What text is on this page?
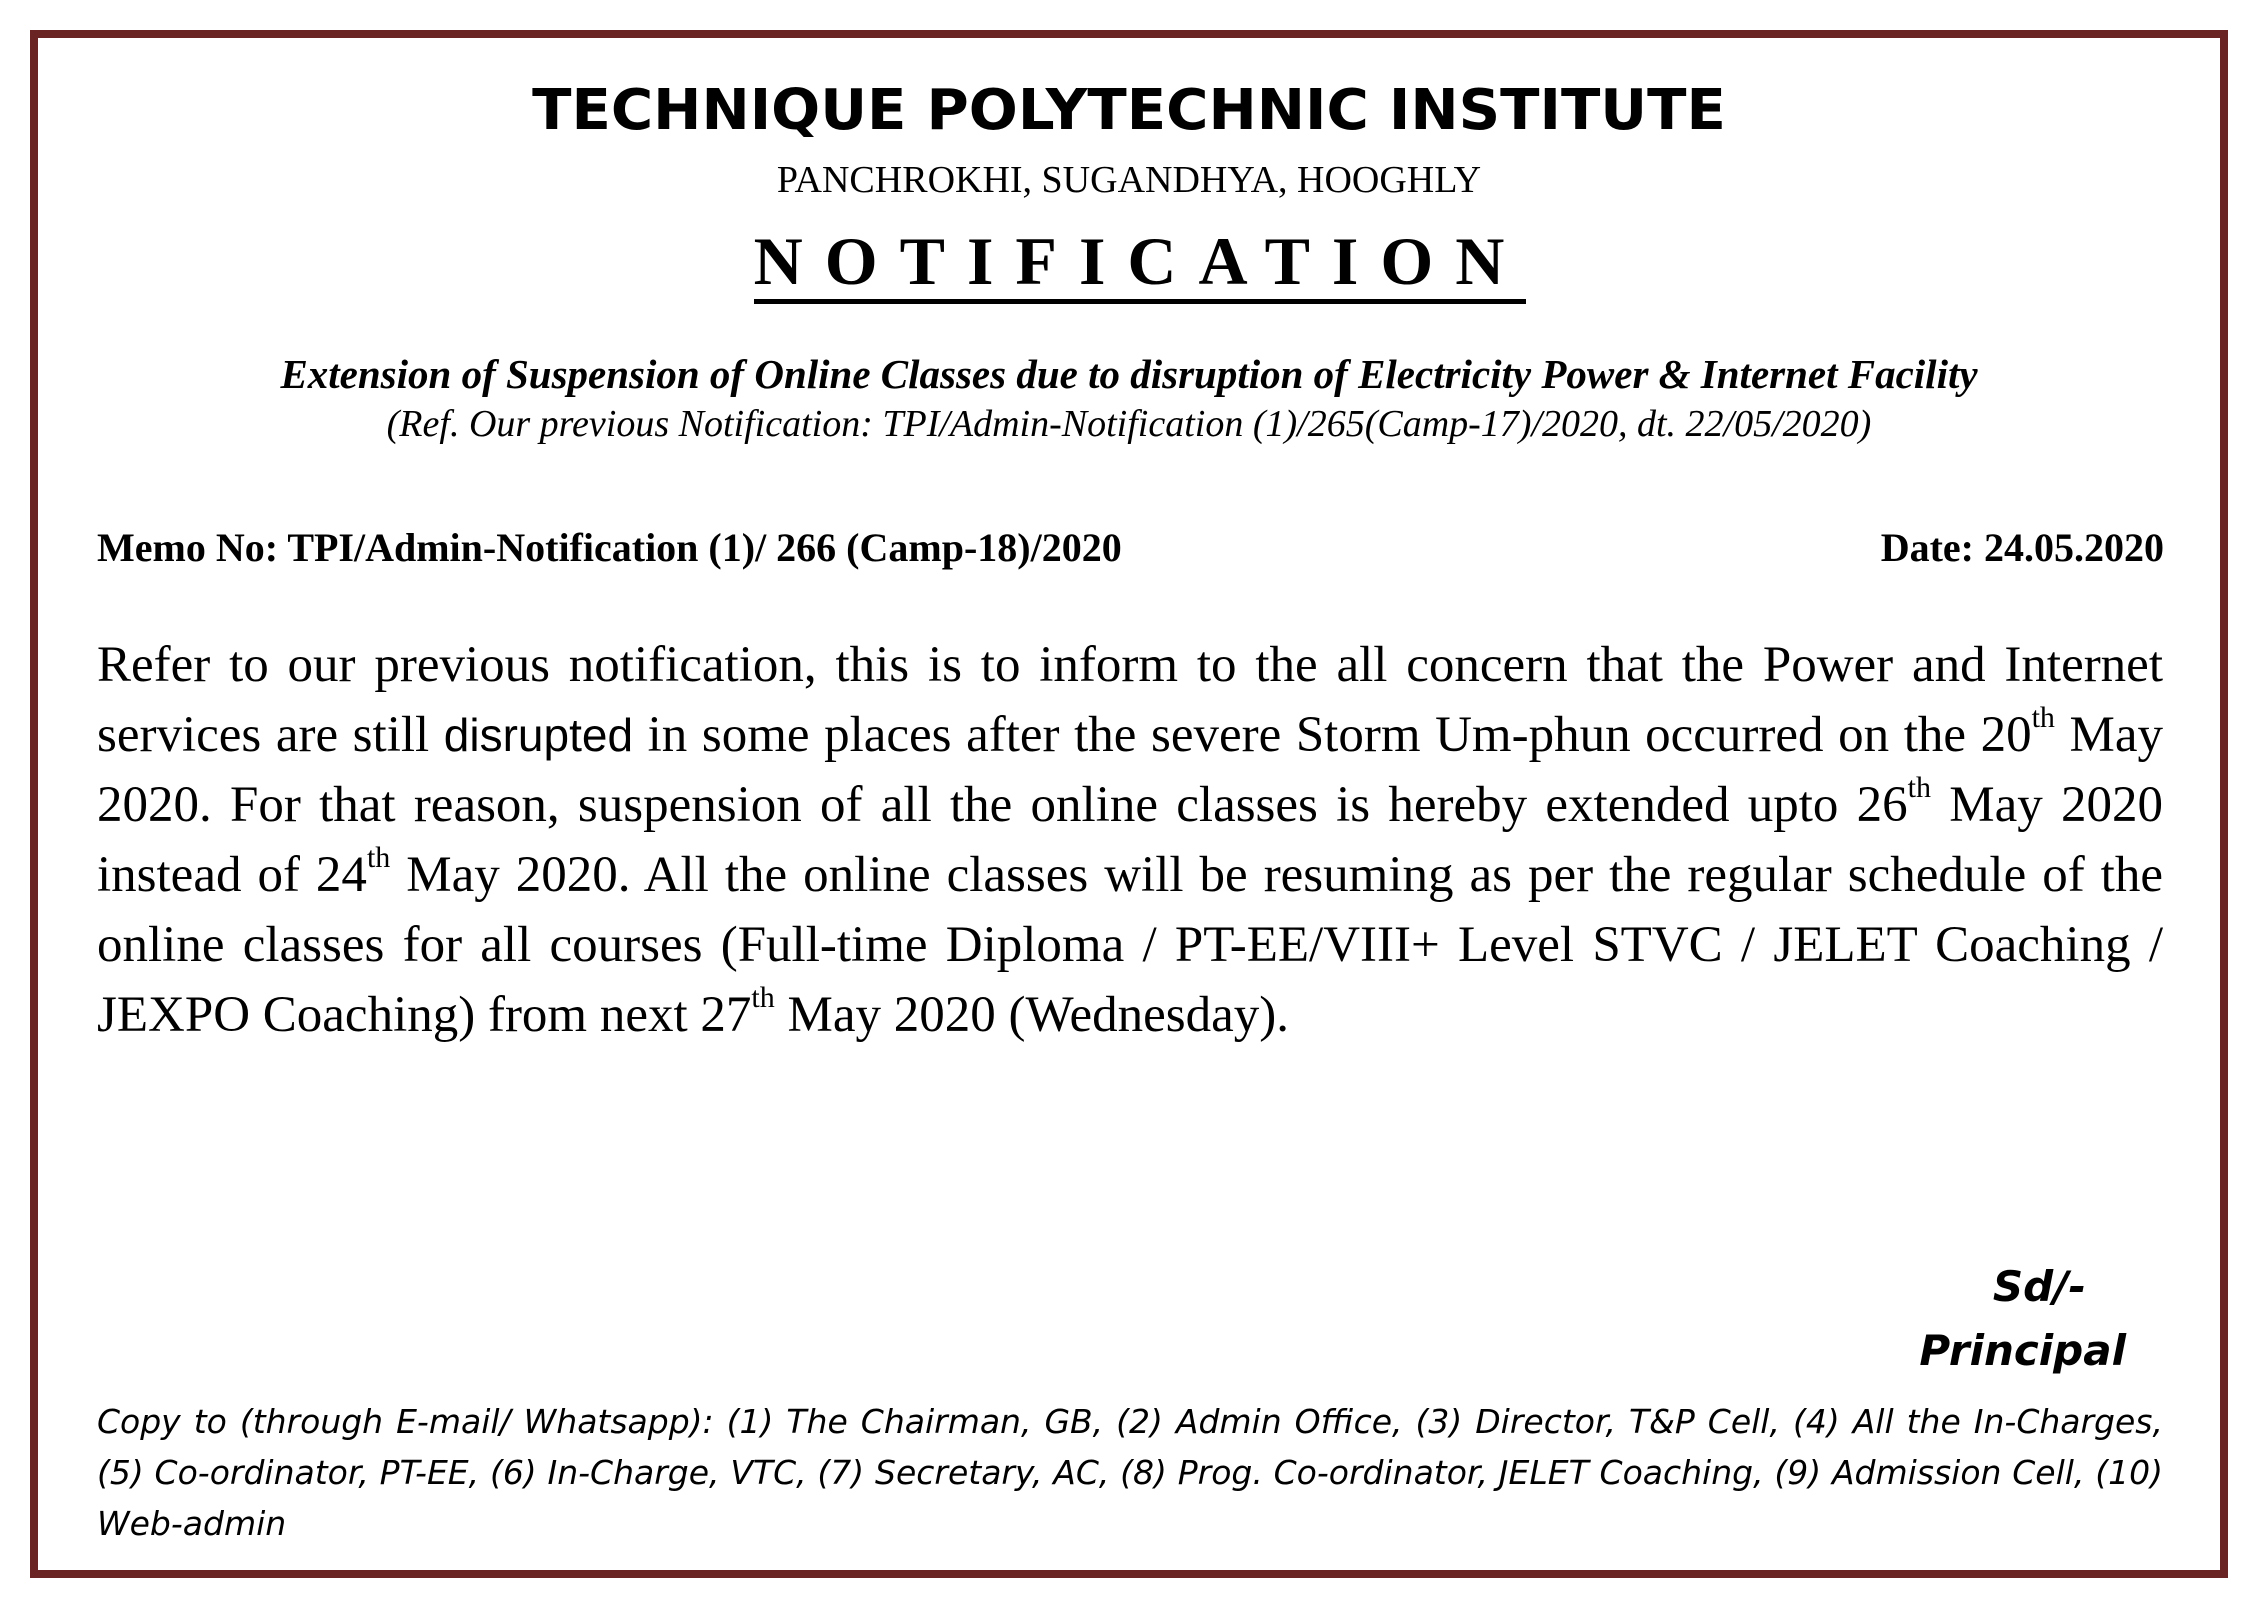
TECHNIQUE POLYTECHNIC INSTITUTE
PANCHROKHI, SUGANDHYA, HOOGHLY
NOTIFICATION
Extension of Suspension of Online Classes due to disruption of Electricity Power & Internet Facility
(Ref. Our previous Notification: TPI/Admin-Notification (1)/265(Camp-17)/2020, dt. 22/05/2020)
Memo No: TPI/Admin-Notification (1)/ 266 (Camp-18)/2020	Date: 24.05.2020
Refer to our previous notification, this is to inform to the all concern that the Power and Internet services are still disrupted in some places after the severe Storm Um-phun occurred on the 20th May 2020. For that reason, suspension of all the online classes is hereby extended upto 26th May 2020 instead of 24th May 2020. All the online classes will be resuming as per the regular schedule of the online classes for all courses (Full-time Diploma / PT-EE/VIII+ Level STVC / JELET Coaching / JEXPO Coaching) from next 27th May 2020 (Wednesday).
Sd/-
Principal
Copy to (through E-mail/ Whatsapp): (1) The Chairman, GB, (2) Admin Office, (3) Director, T&P Cell, (4) All the In-Charges, (5) Co-ordinator, PT-EE, (6) In-Charge, VTC, (7) Secretary, AC, (8) Prog. Co-ordinator, JELET Coaching, (9) Admission Cell, (10) Web-admin
